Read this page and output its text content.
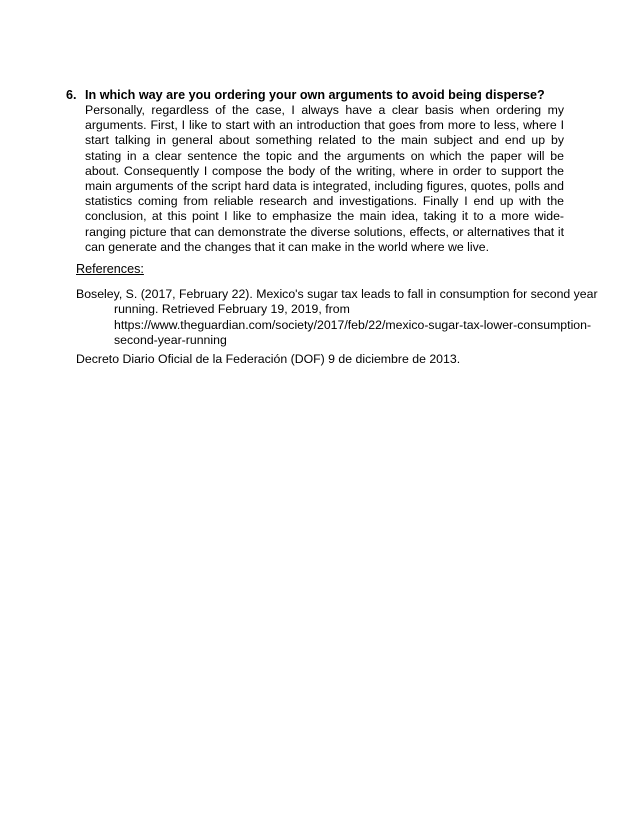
6. In which way are you ordering your own arguments to avoid being disperse?
Personally, regardless of the case, I always have a clear basis when ordering my arguments. First, I like to start with an introduction that goes from more to less, where I start talking in general about something related to the main subject and end up by stating in a clear sentence the topic and the arguments on which the paper will be about. Consequently I compose the body of the writing, where in order to support the main arguments of the script hard data is integrated, including figures, quotes, polls and statistics coming from reliable research and investigations. Finally I end up with the conclusion, at this point I like to emphasize the main idea, taking it to a more wide-ranging picture that can demonstrate the diverse solutions, effects, or alternatives that it can generate and the changes that it can make in the world where we live.
References:
Boseley, S. (2017, February 22). Mexico's sugar tax leads to fall in consumption for second year
running. Retrieved February 19, 2019, from
https://www.theguardian.com/society/2017/feb/22/mexico-sugar-tax-lower-consumption-
second-year-running
Decreto Diario Oficial de la Federación (DOF) 9 de diciembre de 2013.
